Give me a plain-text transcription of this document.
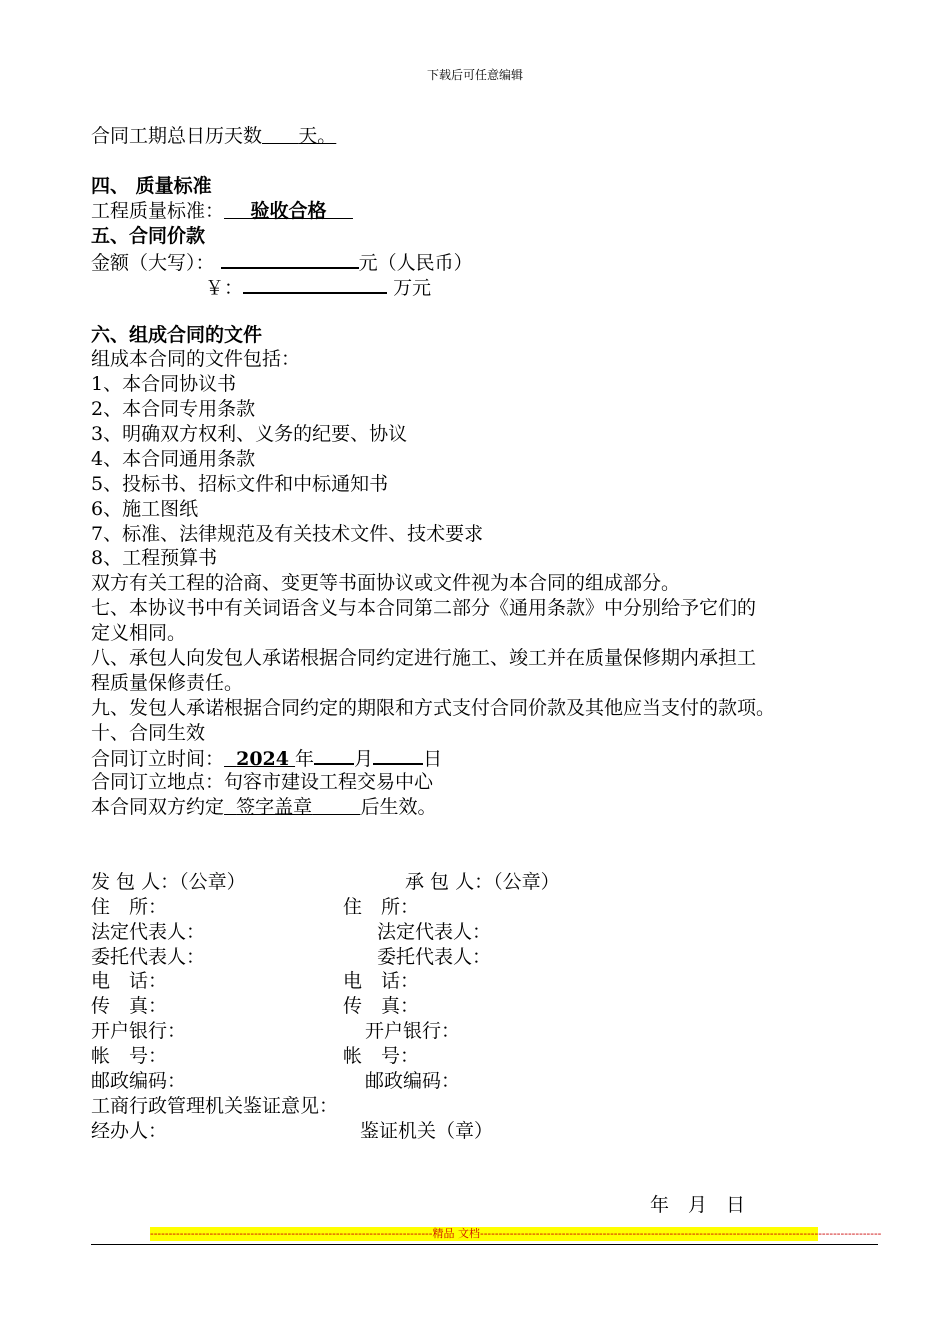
下载后可任意编辑
合同工期总日历天数 天。
四、 质量标准
工程质量标准： 验收合格
五、合同价款
金额（大写）：	元（人民币）
￥：	万元
六、组成合同的文件
组成本合同的文件包括：
1、本合同协议书
2、本合同专用条款
3、明确双方权利、义务的纪要、协议
4、本合同通用条款
5、投标书、招标文件和中标通知书
6、施工图纸
7、标准、法律规范及有关技术文件、技术要求
8、工程预算书
双方有关工程的洽商、变更等书面协议或文件视为本合同的组成部分。
七、本协议书中有关词语含义与本合同第二部分《通用条款》中分别给予它们的
定义相同。
八、承包人向发包人承诺根据合同约定进行施工、竣工并在质量保修期内承担工
程质量保修责任。
九、发包人承诺根据合同约定的期限和方式支付合同价款及其他应当支付的款项。
十、合同生效
合同订立时间： 2024 年 月	日
合同订立地点：句容市建设工程交易中心
本合同双方约定 签字盖章	后生效。
发 包 人：（公章）	承 包 人：（公章）
住　所：	住　所：
法定代表人：	法定代表人：
委托代表人：	委托代表人：
电　话：	电　话：
传　真：	传　真：
开户银行：	开户银行：
帐　号：	帐　号：
邮政编码：	邮政编码：
工商行政管理机关鉴证意见：
经办人：	鉴证机关（章）
年　月　日
----------------------------------------------------------------------------精品 文档------------------------------------------------------------------------------------------------------------
